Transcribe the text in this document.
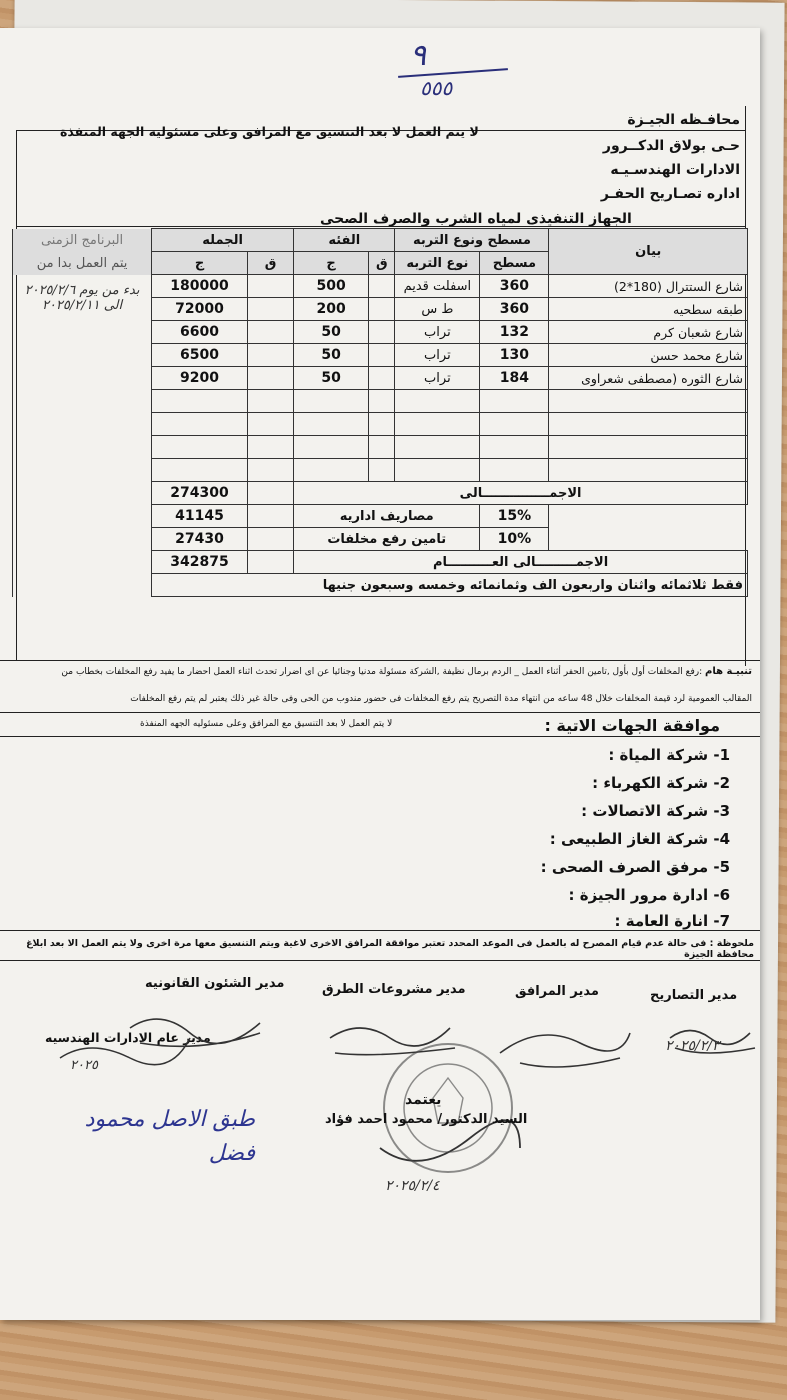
٩
٥٥٥
محافـظه الجيـزة
حـى بولاق الدكــرور
الادارات الهندسـيـه
اداره تصـاريح الحفـر
لا يتم العمل لا بعد التنسيق مع المرافق وعلى مسئوليه الجهه المنفذة
الجهاز التنفيذى لمياه الشرب والصرف الصحى
بيان	مسطح ونوع التربه		الفئه		الجمله		البرنامج الزمنى
	مسطح	نوع التربه	ق	ج	ق	ج	يتم العمل بدا من
شارع الستترال (180*2)	360	اسفلت قديم		500		180000	بدء من يوم ٢٠٢٥/٢/٦
الى ٢٠٢٥/٢/١١

طبقه سطحيه	360	ط س		200		72000	
شارع شعبان كرم	132	تراب		50		6600	
شارع محمد حسن	130	تراب		50		6500	
شارع الثوره (مصطفى شعراوى	184	تراب		50		9200	

الاجمـــــــــــــــالى						274300	
	15%	مصاريف اداريه				41145	
	10%	تامين رفع مخلفات				27430	
الاجمـــــــــالى العــــــــــام						342875	
فقط ثلاثمائه واثنان واربعون الف وثمانمائه وخمسه وسبعون جنيها							
تنبيـة هام :رفع المخلفات أول بأول ,تامين الحفر أثناء العمل _ الردم برمال نظيفة ,الشركة مسئولة مدنيا وجنائيا عن اى اضرار تحدث اثناء العمل احضار ما يفيد رفع المخلفات بخطاب من
المقالب العمومية لرد قيمة المخلفات خلال 48 ساعه من انتهاء مدة التصريح يتم رفع المخلفات فى حضور مندوب من الحى وفى حالة غير ذلك يعتبر لم يتم رفع المخلفات
لا يتم العمل لا بعد التنسيق مع المرافق وعلى مسئوليه الجهه المنفذة	موافقة الجهات الاتية :
1- شركة المياة :
2- شركة الكهرباء :
3- شركة الاتصالات :
4- شركة الغاز الطبيعى :
5- مرفق الصرف الصحى :
6- ادارة مرور الجيزة :
7- انارة العامة :
ملحوظة : فى حالة عدم قيام المصرح له بالعمل فى الموعد المحدد تعتبر موافقة المرافق الاخرى لاغية ويتم التنسيق معها مرة اخرى ولا يتم العمل الا بعد ابلاغ محافظة الجيزة
مدير التصاريح
مدير المرافق
مدير مشروعات الطرق
مدير الشئون القانونيه
مدير عام الادارات الهندسيه
٢٠٢٥/٢/٣
٢٠٢٥
يعتمد
السيد الدكتور/ محمود احمد فؤاد
٢٠٢٥/٢/٤
طبق الاصل محمود فضل
